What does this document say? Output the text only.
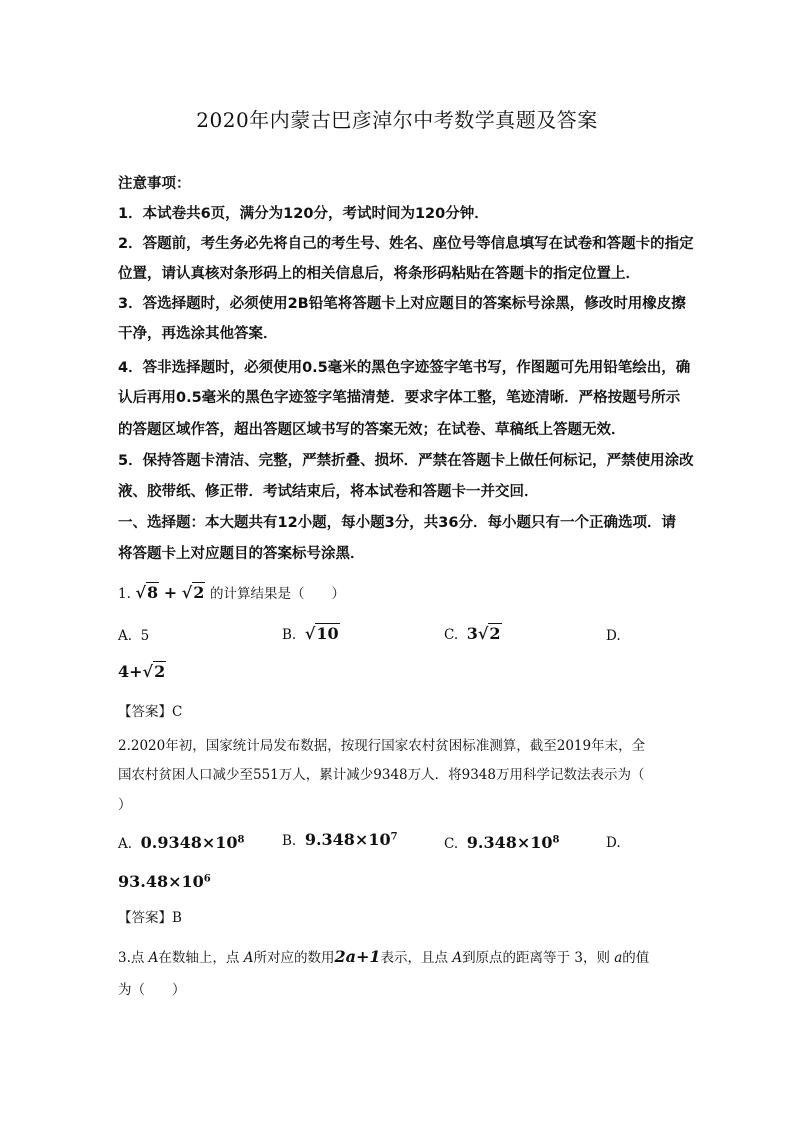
2020年内蒙古巴彦淖尔中考数学真题及答案
注意事项：
1．本试卷共6页，满分为120分，考试时间为120分钟．
2．答题前，考生务必先将自己的考生号、姓名、座位号等信息填写在试卷和答题卡的指定
位置，请认真核对条形码上的相关信息后，将条形码粘贴在答题卡的指定位置上．
3．答选择题时，必须使用2B铅笔将答题卡上对应题目的答案标号涂黑，修改时用橡皮擦
干净，再选涂其他答案．
4．答非选择题时，必须使用0.5毫米的黑色字迹签字笔书写，作图题可先用铅笔绘出，确
认后再用0.5毫米的黑色字迹签字笔描清楚．要求字体工整，笔迹清晰．严格按题号所示
的答题区域作答，超出答题区域书写的答案无效；在试卷、草稿纸上答题无效．
5．保持答题卡清洁、完整，严禁折叠、损坏．严禁在答题卡上做任何标记，严禁使用涂改
液、胶带纸、修正带．考试结束后，将本试卷和答题卡一并交回．
一、选择题：本大题共有12小题，每小题3分，共36分．每小题只有一个正确选项．请
将答题卡上对应题目的答案标号涂黑．
1. √8 + √2 的计算结果是（　　）
A. 5	B. √10	C. 3√2	D.
4+√2
【答案】C
2.2020年初，国家统计局发布数据，按现行国家农村贫困标准测算，截至2019年末，全
国农村贫困人口减少至551万人，累计减少9348万人．将9348万用科学记数法表示为（
）
A. $0.9348\times 10^8$	B. $9.348\times 10^7$	C. $9.348\times 10^8$	D.
$93.48\times 10^6$
【答案】B
3.点 A在数轴上，点 A所对应的数用2a+1表示，且点 A到原点的距离等于 3，则 a的值
为（　　）
